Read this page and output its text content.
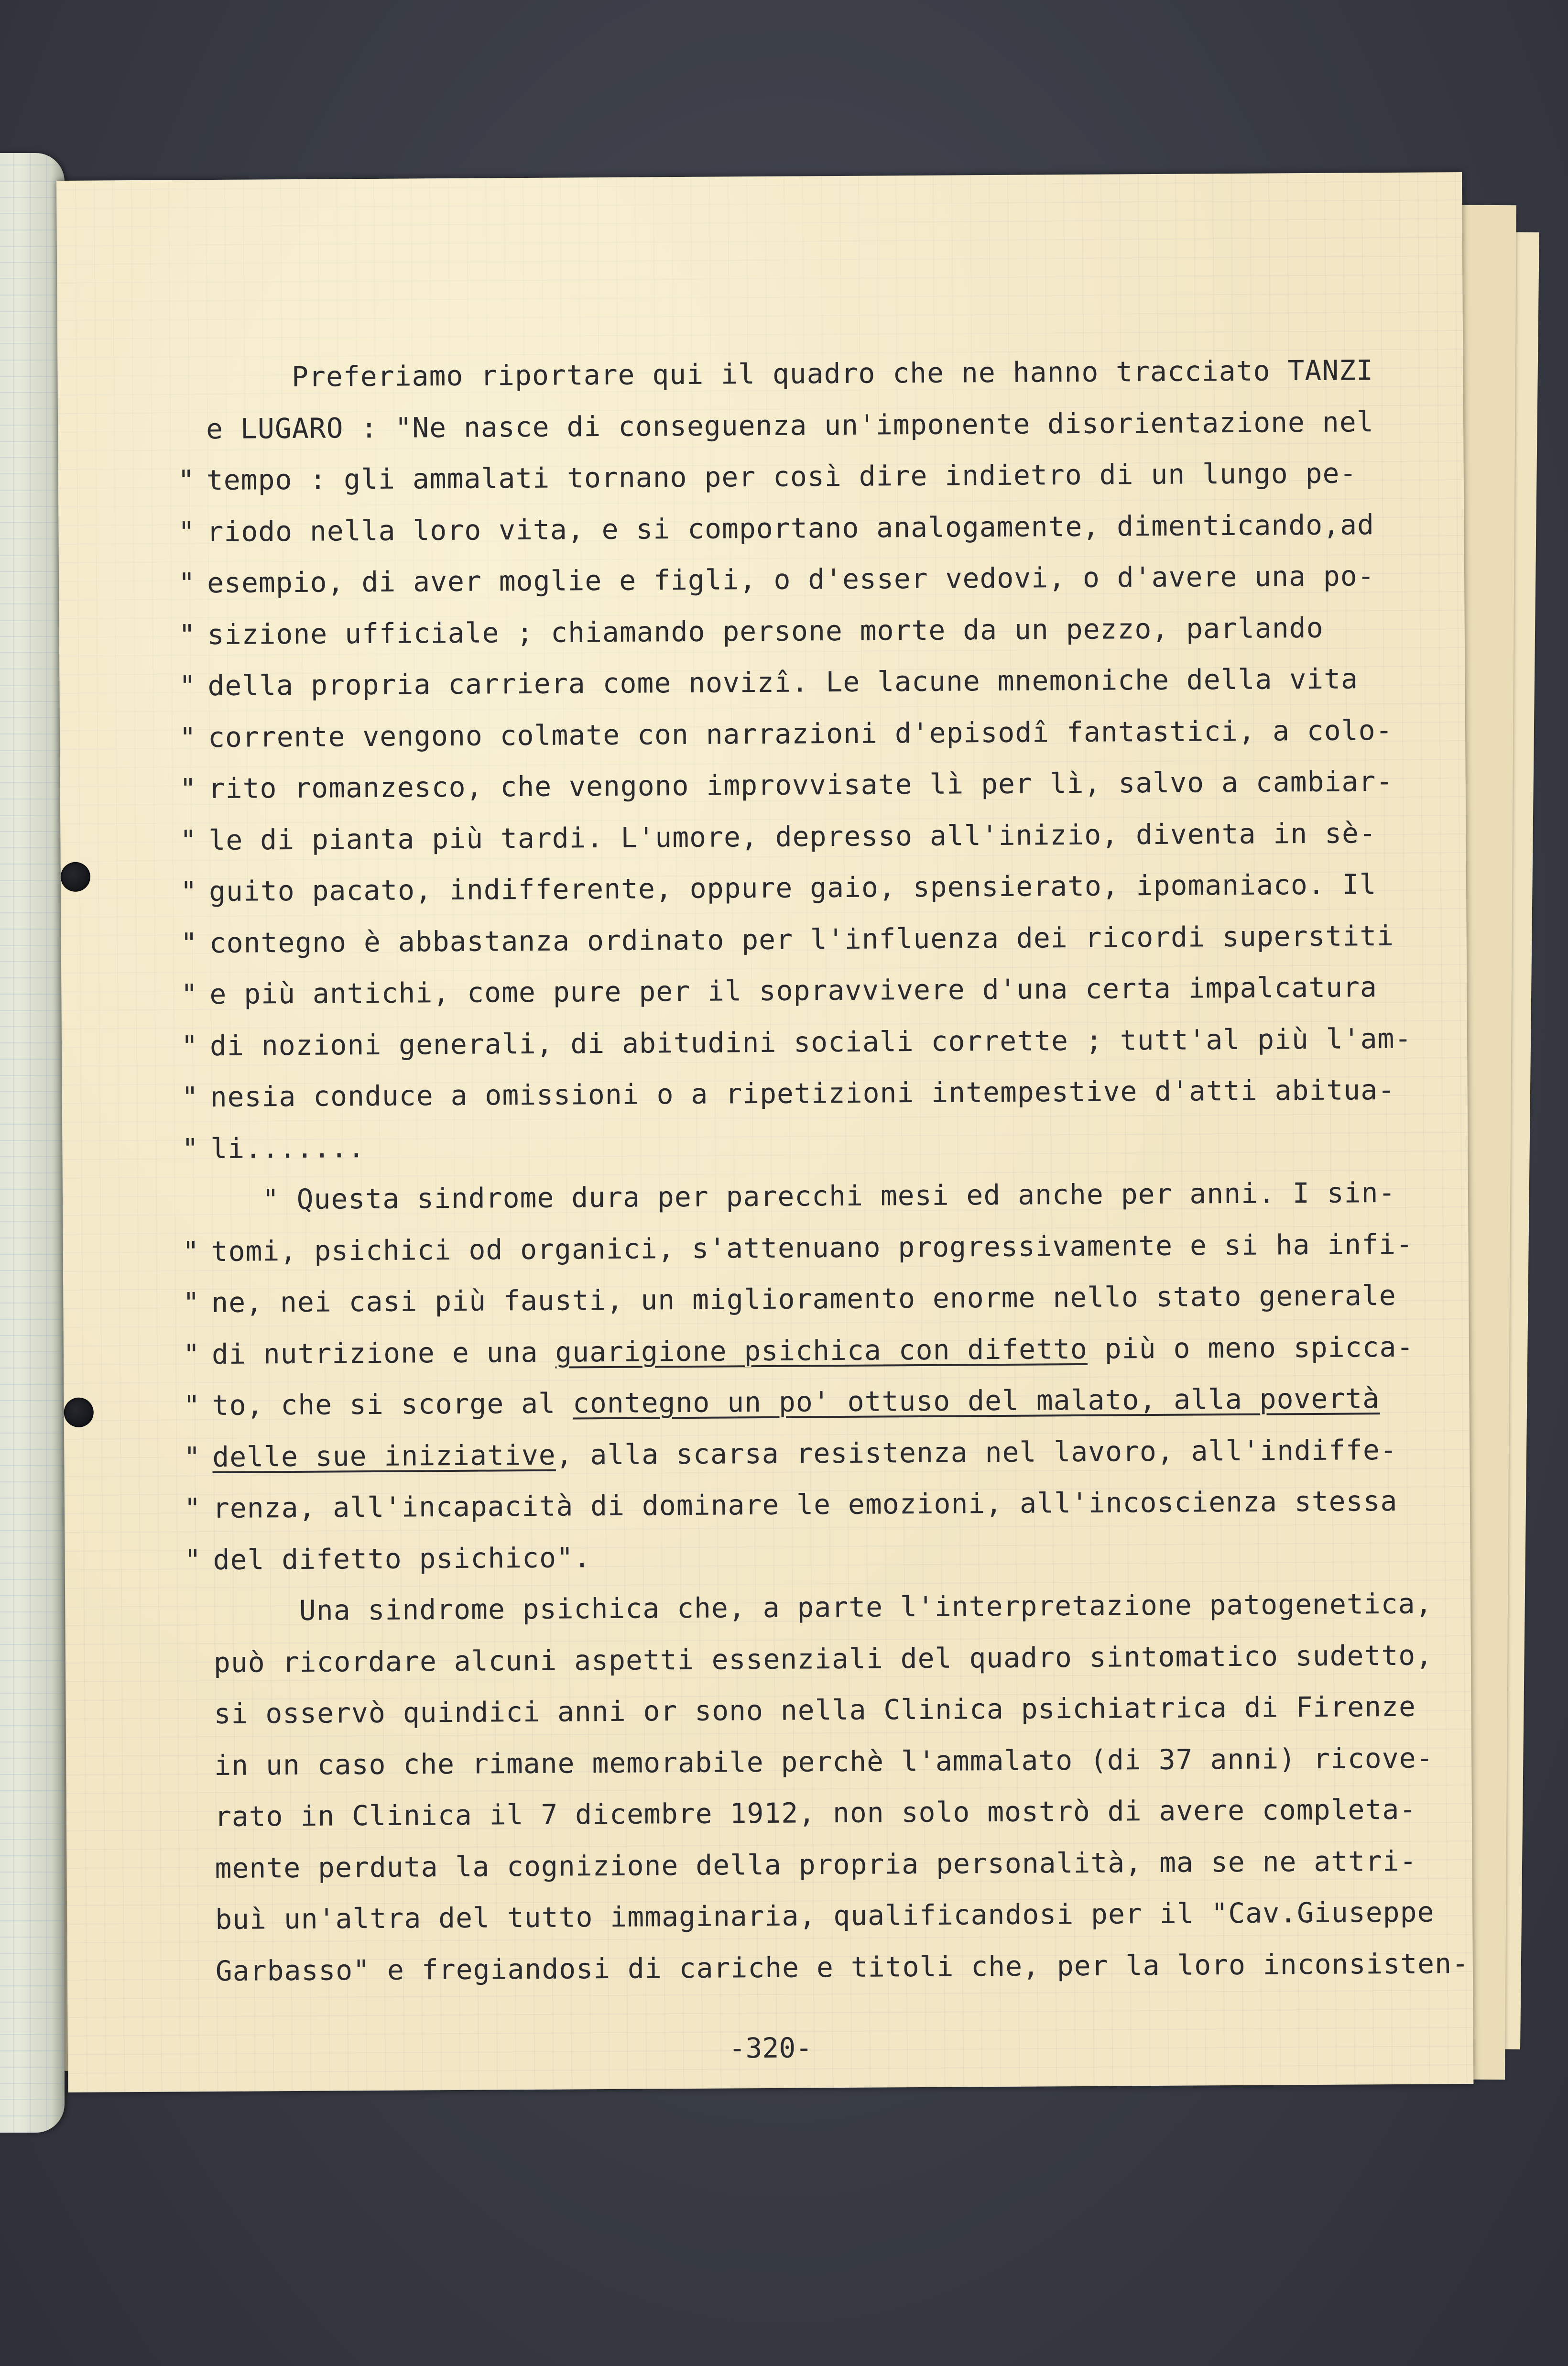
Preferiamo riportare qui il quadro che ne hanno tracciato TANZI
e LUGARO : "Ne nasce di conseguenza un'imponente disorientazione nel
" tempo : gli ammalati tornano per così dire indietro di un lungo pe-
" riodo nella loro vita, e si comportano analogamente, dimenticando,ad
" esempio, di aver moglie e figli, o d'esser vedovi, o d'avere una po-
" sizione ufficiale ; chiamando persone morte da un pezzo, parlando
" della propria carriera come novizî. Le lacune mnemoniche della vita
" corrente vengono colmate con narrazioni d'episodî fantastici, a colo-
" rito romanzesco, che vengono improvvisate lì per lì, salvo a cambiar-
" le di pianta più tardi. L'umore, depresso all'inizio, diventa in sè-
" guito pacato, indifferente, oppure gaio, spensierato, ipomaniaco. Il
" contegno è abbastanza ordinato per l'influenza dei ricordi superstiti
" e più antichi, come pure per il sopravvivere d'una certa impalcatura
" di nozioni generali, di abitudini sociali corrette ; tutt'al più l'am-
" nesia conduce a omissioni o a ripetizioni intempestive d'atti abitua-
" li.......
" Questa sindrome dura per parecchi mesi ed anche per anni. I sin-
" tomi, psichici od organici, s'attenuano progressivamente e si ha infi-
" ne, nei casi più fausti, un miglioramento enorme nello stato generale
" di nutrizione e una guarigione psichica con difetto più o meno spicca-
" to, che si scorge al contegno un po' ottuso del malato, alla povertà
" delle sue iniziative, alla scarsa resistenza nel lavoro, all'indiffe-
" renza, all'incapacità di dominare le emozioni, all'incoscienza stessa
" del difetto psichico".
Una sindrome psichica che, a parte l'interpretazione patogenetica,
può ricordare alcuni aspetti essenziali del quadro sintomatico sudetto,
si osservò quindici anni or sono nella Clinica psichiatrica di Firenze
in un caso che rimane memorabile perchè l'ammalato (di 37 anni) ricove-
rato in Clinica il 7 dicembre 1912, non solo mostrò di avere completa-
mente perduta la cognizione della propria personalità, ma se ne attri-
buì un'altra del tutto immaginaria, qualificandosi per il "Cav.Giuseppe
Garbasso" e fregiandosi di cariche e titoli che, per la loro inconsisten-
-320-
